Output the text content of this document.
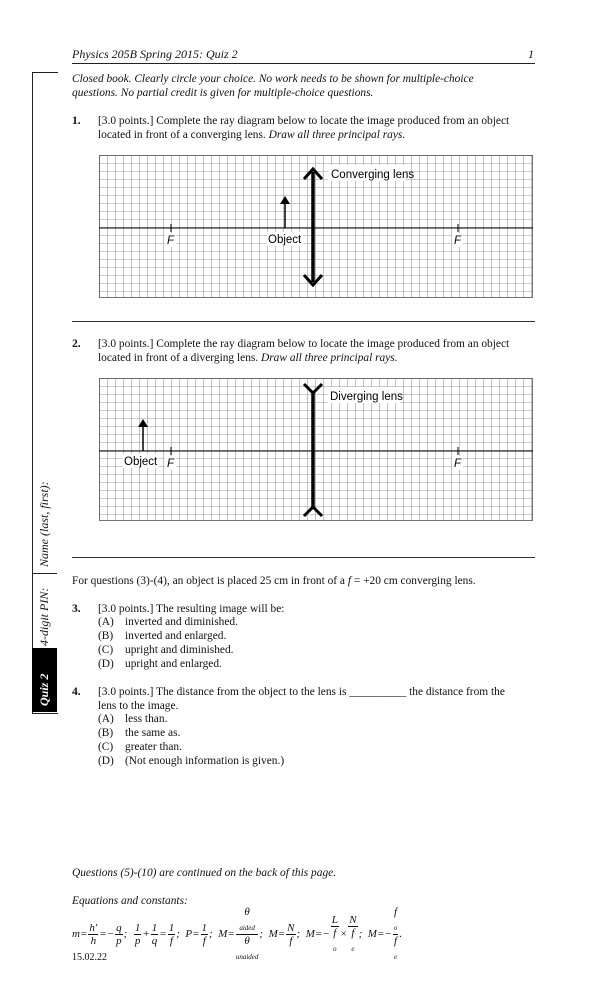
Physics 205B Spring 2015: Quiz 2	1
4-digit PIN:
Name (last, first):
Quiz 2
Closed book. Clearly circle your choice. No work needs to be shown for multiple-choice
questions. No partial credit is given for multiple-choice questions.
1. [3.0 points.] Complete the ray diagram below to locate the image produced from an object
located in front of a converging lens. Draw all three principal rays.
Converging lens
Object
F	F
2. [3.0 points.] Complete the ray diagram below to locate the image produced from an object
located in front of a diverging lens. Draw all three principal rays.
Diverging lens
Object F	F
For questions (3)-(4), an object is placed 25 cm in front of a f = +20 cm converging lens.
3. [3.0 points.] The resulting image will be:
(A) inverted and diminished.
(B) inverted and enlarged.
(C) upright and diminished.
(D) upright and enlarged.
4. [3.0 points.] The distance from the object to the lens is __________ the distance from the
lens to the image.
(A) less than.
(B) the same as.
(C) greater than.
(D) (Not enough information is given.)
Questions (5)-(10) are continued on the back of this page.
Equations and constants:
$m= \frac{h'}{h} =- \frac{q}{p}$ ; $\frac{1}{p} + \frac{1}{q} = \frac{1}{f}$ ;  $P= \frac{1}{f}$ ;  M= θ
$_{aided}$
θ
$_{unaided}$ ;  $M= \frac{N}{f}$ ;  M=− L
f
$_o$ × N
f
$_e$ ;  M=− f
$_o$
f
$_e$ .
15.02.22
